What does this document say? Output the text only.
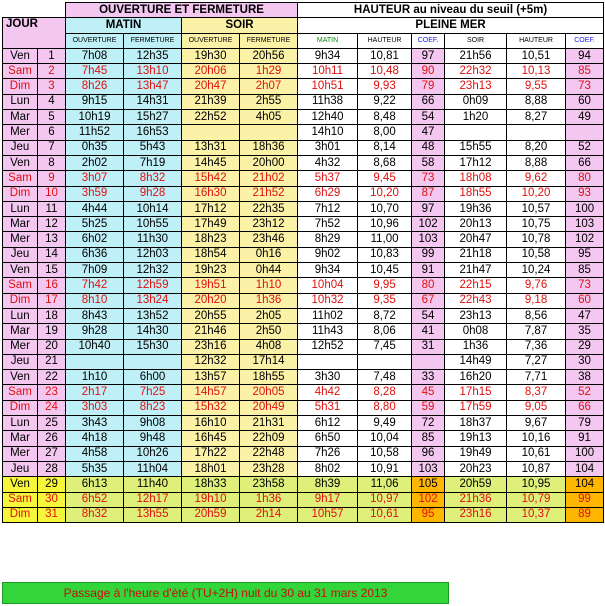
		OUVERTURE ET FERMETURE				HAUTEUR au niveau du seuil (+5m)					
JOUR		MATIN		SOIR		PLEINE MER					
		OUVERTURE	FERMETURE	OUVERTURE	FERMETURE	MATIN	HAUTEUR	COEF.	SOIR	HAUTEUR	COEF.
Ven	1	7h08	12h35	19h30	20h56	9h34	10,81	97	21h56	10,51	94
Sam	2	7h45	13h10	20h06	1h29	10h11	10,48	90	22h32	10,13	85
Dim	3	8h26	13h47	20h47	2h07	10h51	9,93	79	23h13	9,55	73
Lun	4	9h15	14h31	21h39	2h55	11h38	9,22	66	0h09	8,88	60
Mar	5	10h19	15h27	22h52	4h05	12h40	8,48	54	1h20	8,27	49
Mer	6	11h52	16h53			14h10	8,00	47			
Jeu	7	0h35	5h43	13h31	18h36	3h01	8,14	48	15h55	8,20	52
Ven	8	2h02	7h19	14h45	20h00	4h32	8,68	58	17h12	8,88	66
Sam	9	3h07	8h32	15h42	21h02	5h37	9,45	73	18h08	9,62	80
Dim	10	3h59	9h28	16h30	21h52	6h29	10,20	87	18h55	10,20	93
Lun	11	4h44	10h14	17h12	22h35	7h12	10,70	97	19h36	10,57	100
Mar	12	5h25	10h55	17h49	23h12	7h52	10,96	102	20h13	10,75	103
Mer	13	6h02	11h30	18h23	23h46	8h29	11,00	103	20h47	10,78	102
Jeu	14	6h36	12h03	18h54	0h16	9h02	10,83	99	21h18	10,58	95
Ven	15	7h09	12h32	19h23	0h44	9h34	10,45	91	21h47	10,24	85
Sam	16	7h42	12h59	19h51	1h10	10h04	9,95	80	22h15	9,76	73
Dim	17	8h10	13h24	20h20	1h36	10h32	9,35	67	22h43	9,18	60
Lun	18	8h43	13h52	20h55	2h05	11h02	8,72	54	23h13	8,56	47
Mar	19	9h28	14h30	21h46	2h50	11h43	8,06	41	0h08	7,87	35
Mer	20	10h40	15h30	23h16	4h08	12h52	7,45	31	1h36	7,36	29
Jeu	21			12h32	17h14				14h49	7,27	30
Ven	22	1h10	6h00	13h57	18h55	3h30	7,48	33	16h20	7,71	38
Sam	23	2h17	7h25	14h57	20h05	4h42	8,28	45	17h15	8,37	52
Dim	24	3h03	8h23	15h32	20h49	5h31	8,80	59	17h59	9,05	66
Lun	25	3h43	9h08	16h10	21h31	6h12	9,49	72	18h37	9,67	79
Mar	26	4h18	9h48	16h45	22h09	6h50	10,04	85	19h13	10,16	91
Mer	27	4h58	10h26	17h22	22h48	7h26	10,58	96	19h49	10,61	100
Jeu	28	5h35	11h04	18h01	23h28	8h02	10,91	103	20h23	10,87	104
Ven	29	6h13	11h40	18h33	23h58	8h39	11,06	105	20h59	10,95	104
Sam	30	6h52	12h17	19h10	1h36	9h17	10,97	102	21h36	10,79	99
Dim	31	8h32	13h55	20h59	2h14	10h57	10,61	95	23h16	10,37	89
Passage à l'heure d'été (TU+2H) nuit du 30 au 31 mars 2013
